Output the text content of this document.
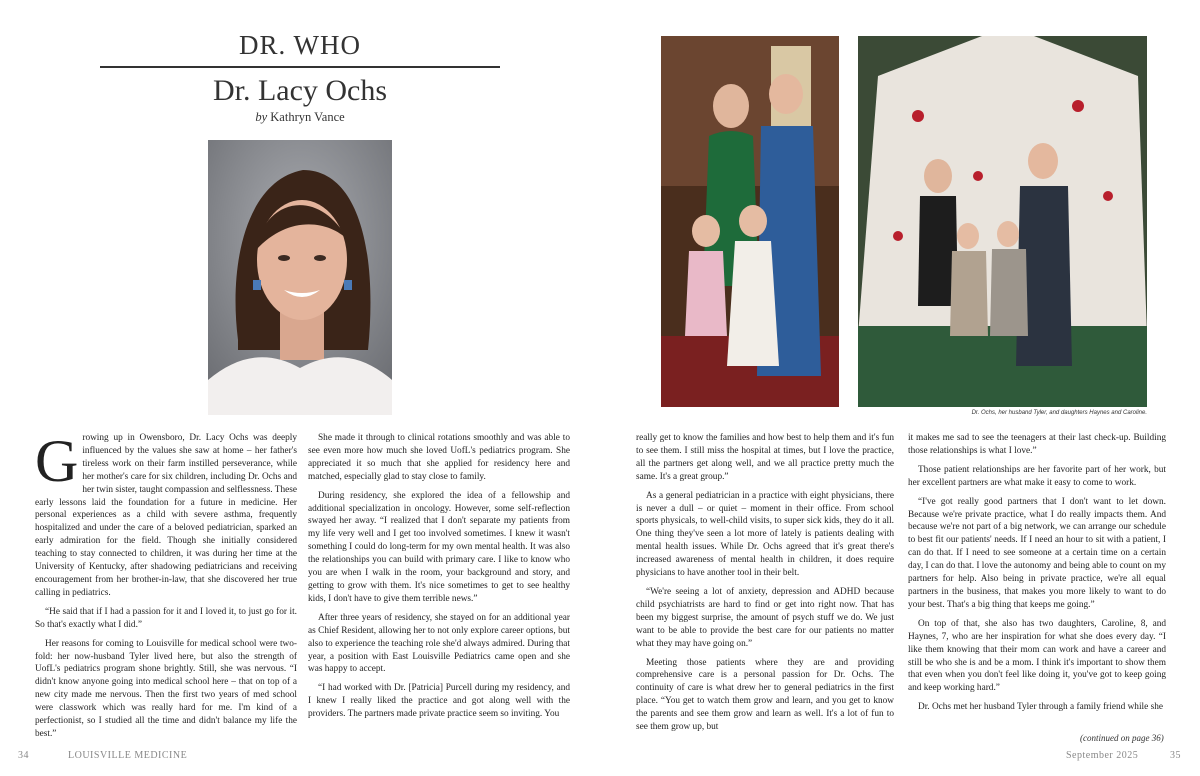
DR. WHO
Dr. Lacy Ochs
by Kathryn Vance
G rowing up in Owensboro, Dr. Lacy Ochs was deeply influenced by the values she saw at home – her father's tireless work on their farm instilled perseverance, while her mother's care for six children, including Dr. Ochs and her twin sister, taught compassion and selflessness. These early lessons laid the foundation for a future in medicine. Her personal experiences as a child with severe asthma, frequently hospitalized and under the care of a beloved pediatrician, sparked an early admiration for the field. Though she initially considered teaching to stay connected to children, it was during her time at the University of Kentucky, after shadowing pediatricians and receiving encouragement from her brother-in-law, that she discovered her true calling in pediatrics.

“He said that if I had a passion for it and I loved it, to just go for it. So that's exactly what I did.”

Her reasons for coming to Louisville for medical school were two-fold: her now-husband Tyler lived here, but also the strength of UofL's pediatrics program shone brightly. Still, she was nervous. “I didn't know anyone going into medical school here – that on top of a new city made me nervous. Then the first two years of med school were classwork which was really hard for me. I'm kind of a perfectionist, so I studied all the time and didn't balance my life the best.”

She made it through to clinical rotations smoothly and was able to see even more how much she loved UofL's pediatrics program. She appreciated it so much that she applied for residency here and matched, especially glad to stay close to family.

During residency, she explored the idea of a fellowship and additional specialization in oncology. However, some self-reflection swayed her away. “I realized that I don't separate my patients from my life very well and I get too involved sometimes. I knew it wasn't something I could do long-term for my own mental health. It was also the relationships you can build with primary care. I like to know who you are when I walk in the room, your background and story, and getting to grow with them. It's nice sometimes to get to see healthy kids, I don't have to give them terrible news.”

After three years of residency, she stayed on for an additional year as Chief Resident, allowing her to not only explore career options, but also to experience the teaching role she'd always admired. During that year, a position with East Louisville Pediatrics came open and she was happy to accept.

“I had worked with Dr. [Patricia] Purcell during my residency, and I knew I really liked the practice and got along well with the providers. The partners made private practice seem so inviting. You

34	LOUISVILLE MEDICINE
Dr. Ochs, her husband Tyler, and daughters Haynes and Caroline.

really get to know the families and how best to help them and it's fun to see them. I still miss the hospital at times, but I love the practice, all the partners get along well, and we all practice pretty much the same. It's a great group.”

As a general pediatrician in a practice with eight physicians, there is never a dull – or quiet – moment in their office. From school sports physicals, to well-child visits, to super sick kids, they do it all. One thing they've seen a lot more of lately is patients dealing with mental health issues. While Dr. Ochs agreed that it's great there's increased awareness of mental health in children, it does require physicians to have another tool in their belt.

“We're seeing a lot of anxiety, depression and ADHD because child psychiatrists are hard to find or get into right now. That has been my biggest surprise, the amount of psych stuff we do. We just want to be able to provide the best care for our patients no matter what they may have going on.”

Meeting those patients where they are and providing comprehensive care is a personal passion for Dr. Ochs. The continuity of care is what drew her to general pediatrics in the first place. “You get to watch them grow and learn, and you get to know the parents and see them grow and learn as well. It's a lot of fun to see them grow up, but

it makes me sad to see the teenagers at their last check-up. Building those relationships is what I love.”

Those patient relationships are her favorite part of her work, but her excellent partners are what make it easy to come to work.

“I've got really good partners that I don't want to let down. Because we're private practice, what I do really impacts them. And because we're not part of a big network, we can arrange our schedule to best fit our patients' needs. If I need an hour to sit with a patient, I can do that. If I need to see someone at a certain time on a certain day, I can do that. I love the autonomy and being able to count on my partners for help. Also being in private practice, we're all equal partners in the business, that makes you more likely to want to do your best. That's a big thing that keeps me going.”

On top of that, she also has two daughters, Caroline, 8, and Haynes, 7, who are her inspiration for what she does every day. “I like them knowing that their mom can work and have a career and still be who she is and be a mom. I think it's important to show them that even when you don't feel like doing it, you've got to keep going and keep working hard.”

Dr. Ochs met her husband Tyler through a family friend while she

(continued on page 36)
September 2025	35
